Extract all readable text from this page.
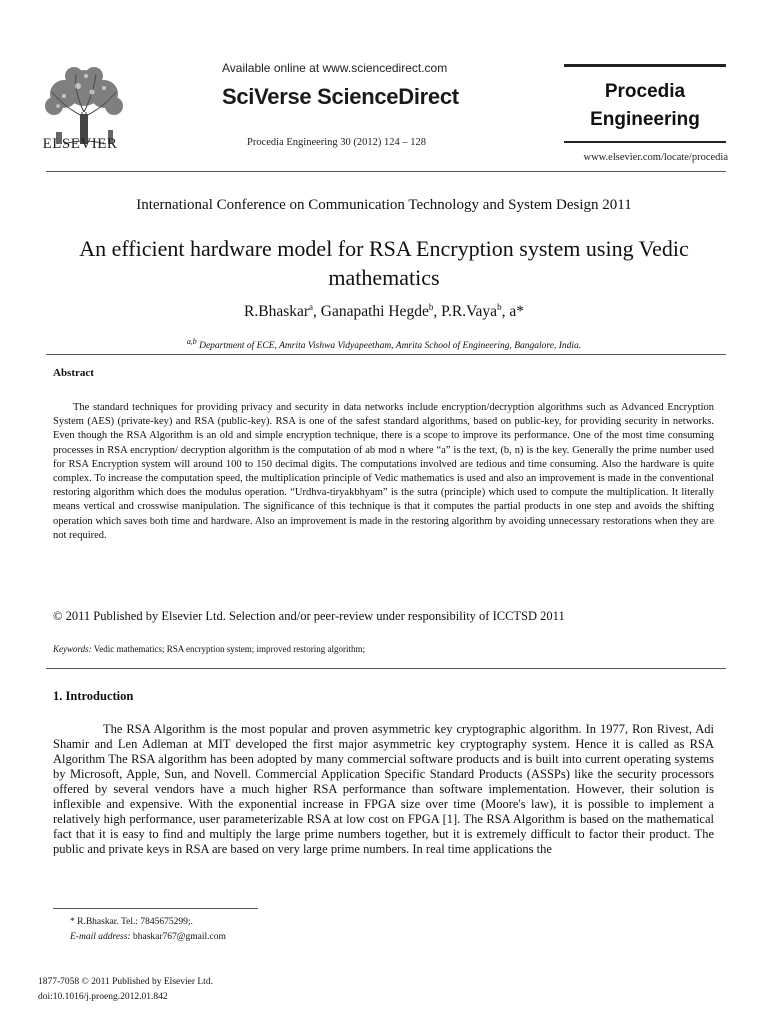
ELSEVIER
Available online at www.sciencedirect.com
SciVerse ScienceDirect
Procedia Engineering 30 (2012) 124 – 128
Procedia
Engineering
www.elsevier.com/locate/procedia
International Conference on Communication Technology and System Design 2011
An efficient hardware model for RSA Encryption system using Vedic mathematics
R.Bhaskar$^a$, Ganapathi Hegde$^b$, P.R.Vaya$^b$, a*
$^{a,b}$ Department of ECE, Amrita Vishwa Vidyapeetham, Amrita School of Engineering, Bangalore, India.
Abstract
The standard techniques for providing privacy and security in data networks include encryption/decryption algorithms such as Advanced Encryption System (AES) (private-key) and RSA (public-key). RSA is one of the safest standard algorithms, based on public-key, for providing security in networks. Even though the RSA Algorithm is an old and simple encryption technique, there is a scope to improve its performance. One of the most time consuming processes in RSA encryption/ decryption algorithm is the computation of ab mod n where “a” is the text, (b, n) is the key. Generally the prime number used for RSA Encryption system will around 100 to 150 decimal digits. The computations involved are tedious and time consuming. Also the hardware is quite complex. To increase the computation speed, the multiplication principle of Vedic mathematics is used and also an improvement is made in the conventional restoring algorithm which does the modulus operation. “Urdhva-tiryakbhyam” is the sutra (principle) which used to compute the multiplication. It literally means vertical and crosswise manipulation. The significance of this technique is that it computes the partial products in one step and avoids the shifting operation which saves both time and hardware. Also an improvement is made in the restoring algorithm by avoiding unnecessary restorations when they are not required.
© 2011 Published by Elsevier Ltd. Selection and/or peer-review under responsibility of ICCTSD 2011
Keywords: Vedic mathematics; RSA encryption system; improved restoring algorithm;
1. Introduction
The RSA Algorithm is the most popular and proven asymmetric key cryptographic algorithm. In 1977, Ron Rivest, Adi Shamir and Len Adleman at MIT developed the first major asymmetric key cryptography system. Hence it is called as RSA Algorithm The RSA algorithm has been adopted by many commercial software products and is built into current operating systems by Microsoft, Apple, Sun, and Novell. Commercial Application Specific Standard Products (ASSPs) like the security processors offered by several vendors have a much higher RSA performance than software implementation. However, their solution is inflexible and expensive. With the exponential increase in FPGA size over time (Moore's law), it is possible to implement a relatively high performance, user parameterizable RSA at low cost on FPGA [1]. The RSA Algorithm is based on the mathematical fact that it is easy to find and multiply the large prime numbers together, but it is extremely difficult to factor their product. The public and private keys in RSA are based on very large prime numbers. In real time applications the
* R.Bhaskar. Tel.: 7845675299;.
E-mail address: bhaskar767@gmail.com
1877-7058 © 2011 Published by Elsevier Ltd.
doi:10.1016/j.proeng.2012.01.842
